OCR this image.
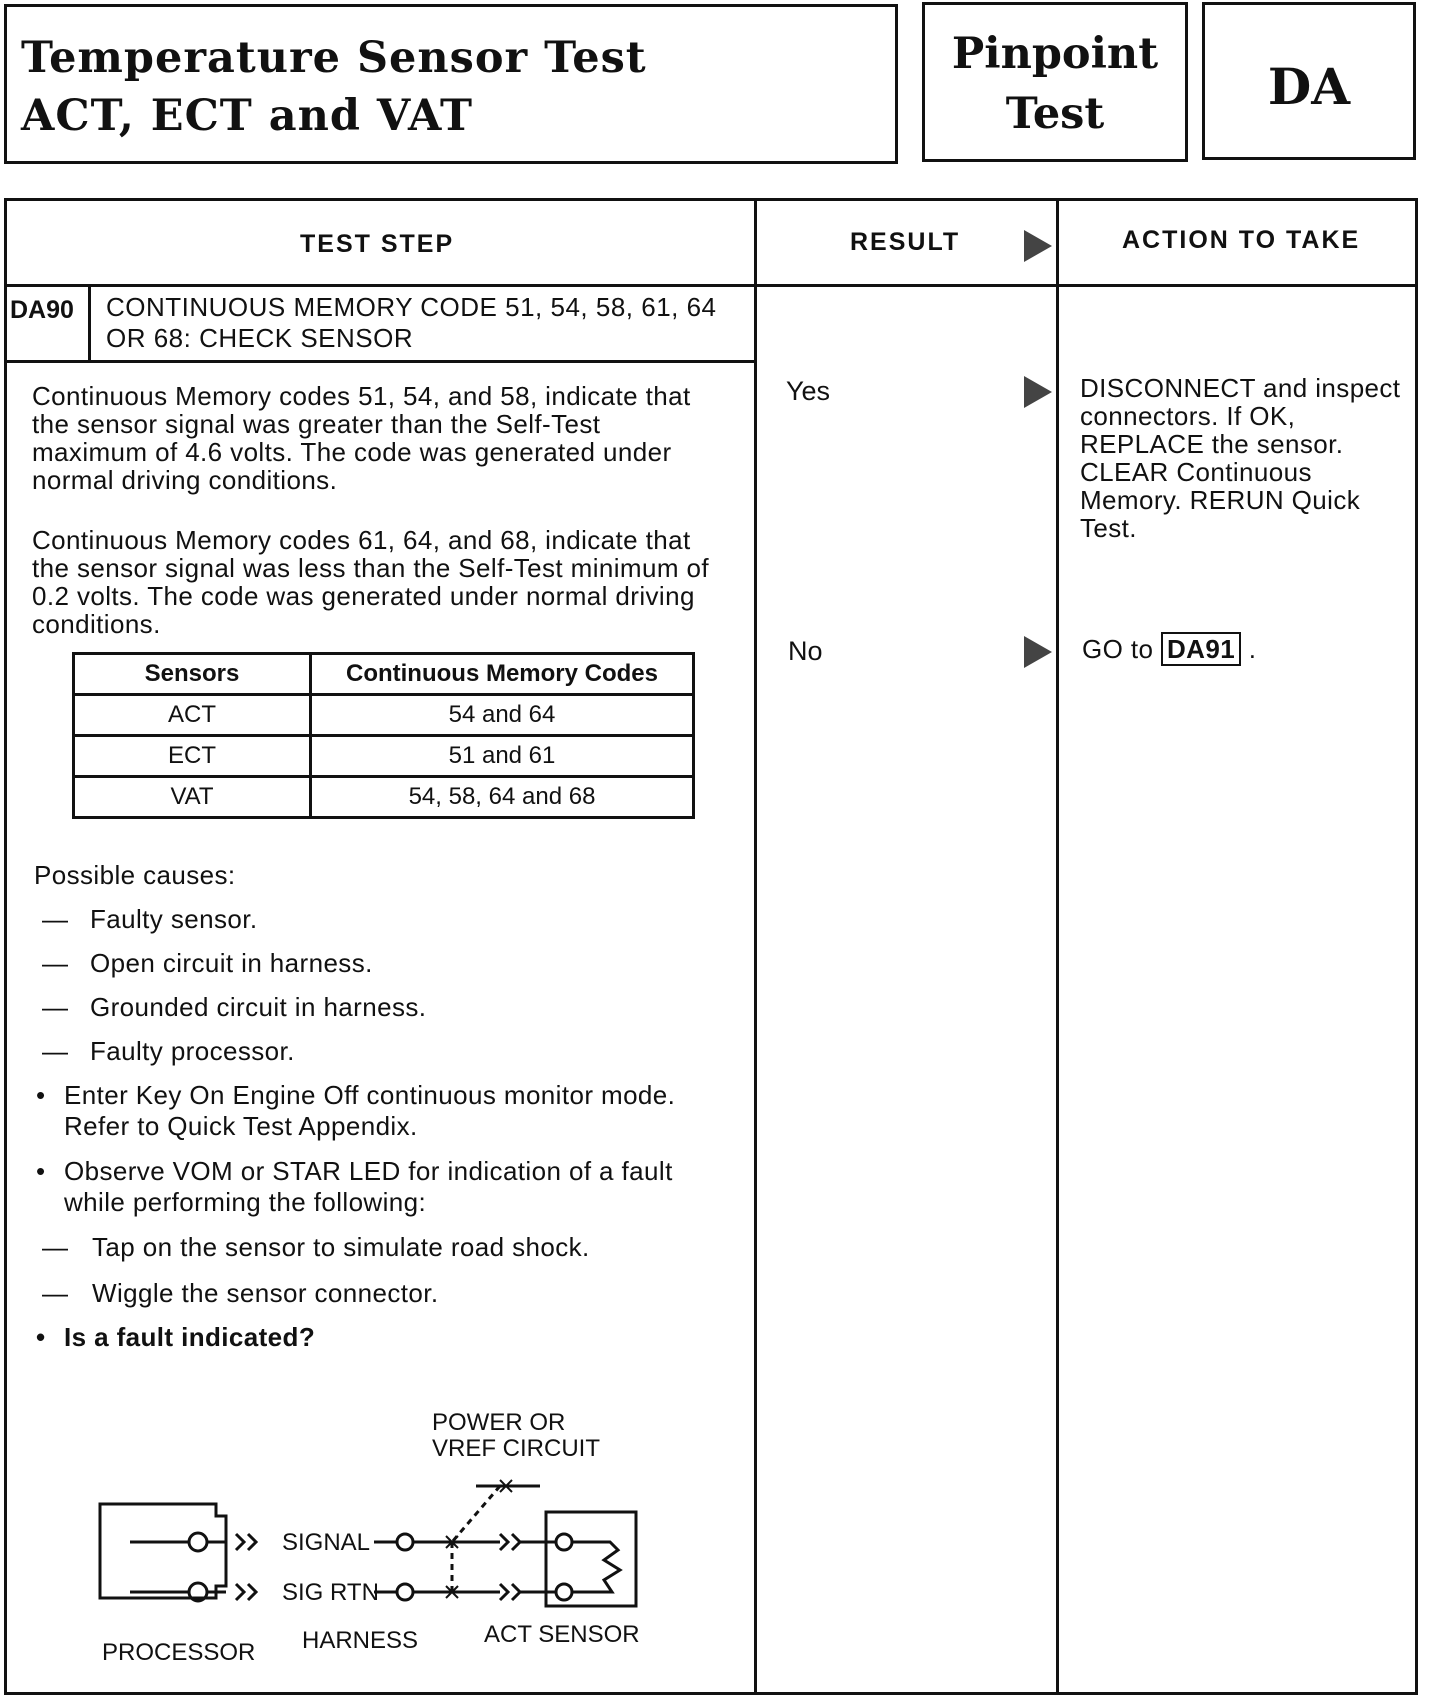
Temperature Sensor Test
ACT, ECT and VAT
Pinpoint
Test	DA
TEST STEP	RESULT	ACTION TO TAKE
DA90 CONTINUOUS MEMORY CODE 51, 54, 58, 61, 64 OR 68: CHECK SENSOR
Continuous Memory codes 51, 54, and 58, indicate that the sensor signal was greater than the Self-Test maximum of 4.6 volts. The code was generated under normal driving conditions.
Continuous Memory codes 61, 64, and 68, indicate that the sensor signal was less than the Self-Test minimum of 0.2 volts. The code was generated under normal driving conditions.
Sensors	Continuous Memory Codes
ACT	54 and 64
ECT	51 and 61
VAT	54, 58, 64 and 68
Possible causes:
— Faulty sensor.
— Open circuit in harness.
— Grounded circuit in harness.
— Faulty processor.
• Enter Key On Engine Off continuous monitor mode. Refer to Quick Test Appendix.
• Observe VOM or STAR LED for indication of a fault while performing the following:
— Tap on the sensor to simulate road shock.
— Wiggle the sensor connector.
• Is a fault indicated?
POWER OR
VREF CIRCUIT
SIGNAL
SIG RTN
PROCESSOR HARNESS	ACT SENSOR
Yes	DISCONNECT and inspect connectors. If OK, REPLACE the sensor. CLEAR Continuous Memory. RERUN Quick Test.
No	GO to DA91 .
